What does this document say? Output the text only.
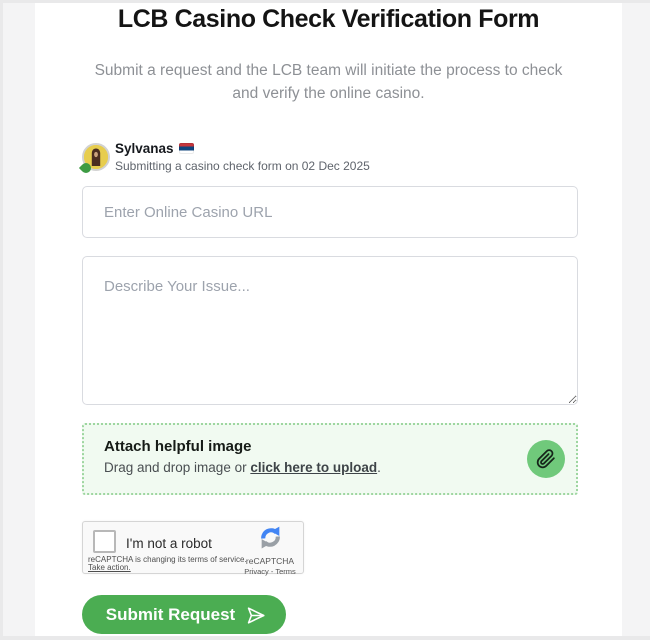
LCB Casino Check Verification Form

Submit a request and the LCB team will initiate the process to check
and verify the online casino.

Sylvanas
Submitting a casino check form on 02 Dec 2025
Enter Online Casino URL
Describe Your Issue...
Attach helpful image
Drag and drop image or click here to upload.
I'm not a robot
reCAPTCHA is changing its terms of service.
Take action.
reCAPTCHA
Privacy - Terms
Submit Request
